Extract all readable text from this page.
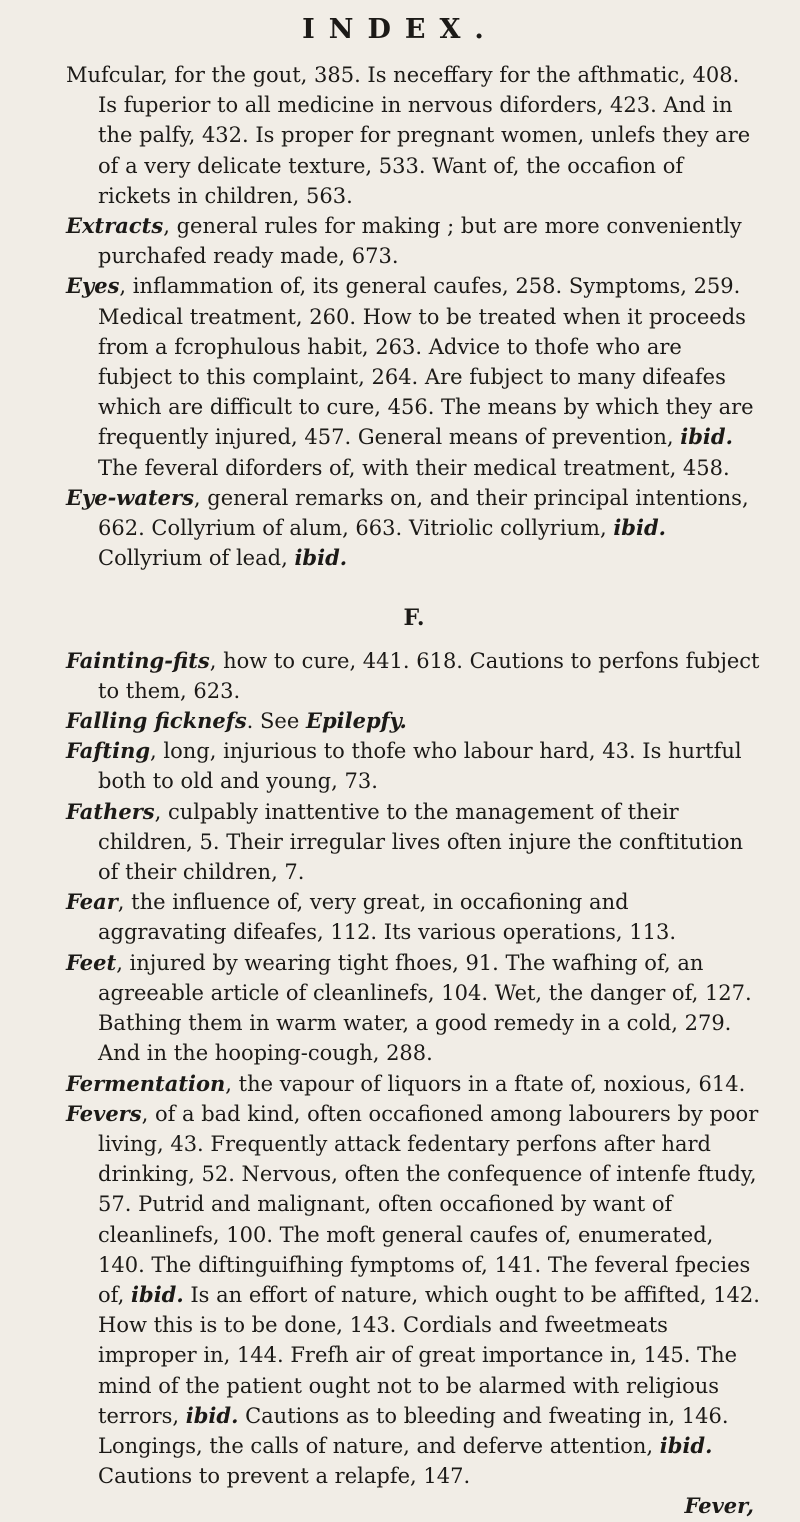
INDEX.

Mufcular, for the gout, 385. Is neceffary for the afthmatic, 408. Is fuperior to all medicine in nervous diforders, 423. And in the palfy, 432. Is proper for pregnant women, unlefs they are of a very delicate texture, 533. Want of, the occafion of rickets in children, 563.

Extracts, general rules for making ; but are more conveniently purchafed ready made, 673.

Eyes, inflammation of, its general caufes, 258. Symptoms, 259. Medical treatment, 260. How to be treated when it proceeds from a fcrophulous habit, 263. Advice to thofe who are fubject to this complaint, 264. Are fubject to many difeafes which are difficult to cure, 456. The means by which they are frequently injured, 457. General means of prevention, ibid. The feveral diforders of, with their medical treatment, 458.

Eye-waters, general remarks on, and their principal intentions, 662. Collyrium of alum, 663. Vitriolic collyrium, ibid. Collyrium of lead, ibid.

F.

Fainting-fits, how to cure, 441. 618. Cautions to perfons fubject to them, 623.

Falling ficknefs. See Epilepfy.

Fafting, long, injurious to thofe who labour hard, 43. Is hurtful both to old and young, 73.

Fathers, culpably inattentive to the management of their children, 5. Their irregular lives often injure the conftitution of their children, 7.

Fear, the influence of, very great, in occafioning and aggravating difeafes, 112. Its various operations, 113.

Feet, injured by wearing tight fhoes, 91. The wafhing of, an agreeable article of cleanlinefs, 104. Wet, the danger of, 127. Bathing them in warm water, a good remedy in a cold, 279. And in the hooping-cough, 288.

Fermentation, the vapour of liquors in a ftate of, noxious, 614.

Fevers, of a bad kind, often occafioned among labourers by poor living, 43. Frequently attack fedentary perfons after hard drinking, 52. Nervous, often the confequence of intenfe ftudy, 57. Putrid and malignant, often occafioned by want of cleanlinefs, 100. The moft general caufes of, enumerated, 140. The diftinguifhing fymptoms of, 141. The feveral fpecies of, ibid. Is an effort of nature, which ought to be affifted, 142. How this is to be done, 143. Cordials and fweetmeats improper in, 144. Frefh air of great importance in, 145. The mind of the patient ought not to be alarmed with religious terrors, ibid. Cautions as to bleeding and fweating in, 146. Longings, the calls of nature, and deferve attention, ibid. Cautions to prevent a relapfe, 147.

Fever,
